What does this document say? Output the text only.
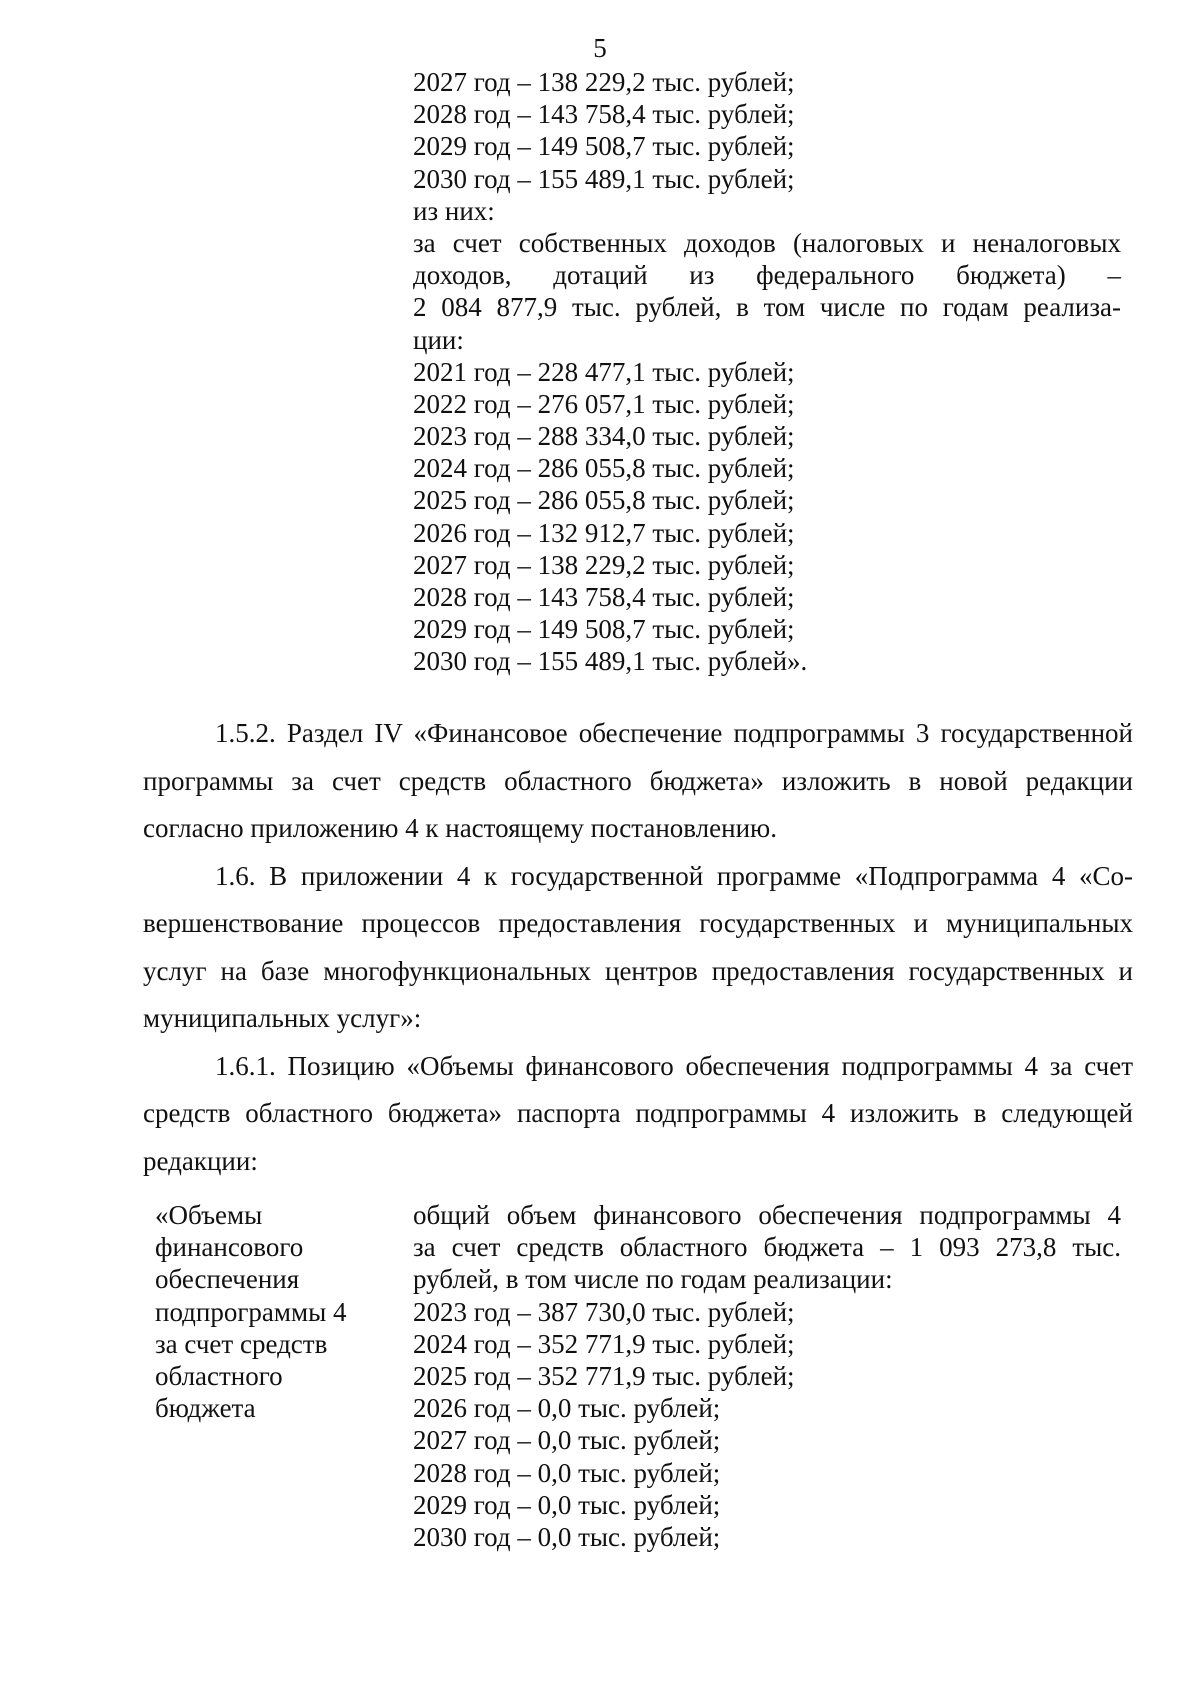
5
2027 год – 138 229,2 тыс. рублей;
2028 год – 143 758,4 тыс. рублей;
2029 год – 149 508,7 тыс. рублей;
2030 год – 155 489,1 тыс. рублей;
из них:
за счет собственных доходов (налоговых и неналоговых
доходов, дотаций из федерального бюджета) –
2 084 877,9 тыс. рублей, в том числе по годам реализа-
ции:
2021 год – 228 477,1 тыс. рублей;
2022 год – 276 057,1 тыс. рублей;
2023 год – 288 334,0 тыс. рублей;
2024 год – 286 055,8 тыс. рублей;
2025 год – 286 055,8 тыс. рублей;
2026 год – 132 912,7 тыс. рублей;
2027 год – 138 229,2 тыс. рублей;
2028 год – 143 758,4 тыс. рублей;
2029 год – 149 508,7 тыс. рублей;
2030 год – 155 489,1 тыс. рублей».

1.5.2. Раздел IV «Финансовое обеспечение подпрограммы 3 государственной программы за счет средств областного бюджета» изложить в новой редакции согласно приложению 4 к настоящему постановлению.

1.6. В приложении 4 к государственной программе «Подпрограмма 4 «Совершенствование процессов предоставления государственных и муниципальных услуг на базе многофункциональных центров предоставления государственных и муниципальных услуг»:

1.6.1. Позицию «Объемы финансового обеспечения подпрограммы 4 за счет средств областного бюджета» паспорта подпрограммы 4 изложить в следующей редакции:

«Объемы
финансового
обеспечения
подпрограммы 4
за счет средств
областного
бюджета
общий объем финансового обеспечения подпрограммы 4
за счет средств областного бюджета – 1 093 273,8 тыс.
рублей, в том числе по годам реализации:
2023 год – 387 730,0 тыс. рублей;
2024 год – 352 771,9 тыс. рублей;
2025 год – 352 771,9 тыс. рублей;
2026 год – 0,0 тыс. рублей;
2027 год – 0,0 тыс. рублей;
2028 год – 0,0 тыс. рублей;
2029 год – 0,0 тыс. рублей;
2030 год – 0,0 тыс. рублей;
